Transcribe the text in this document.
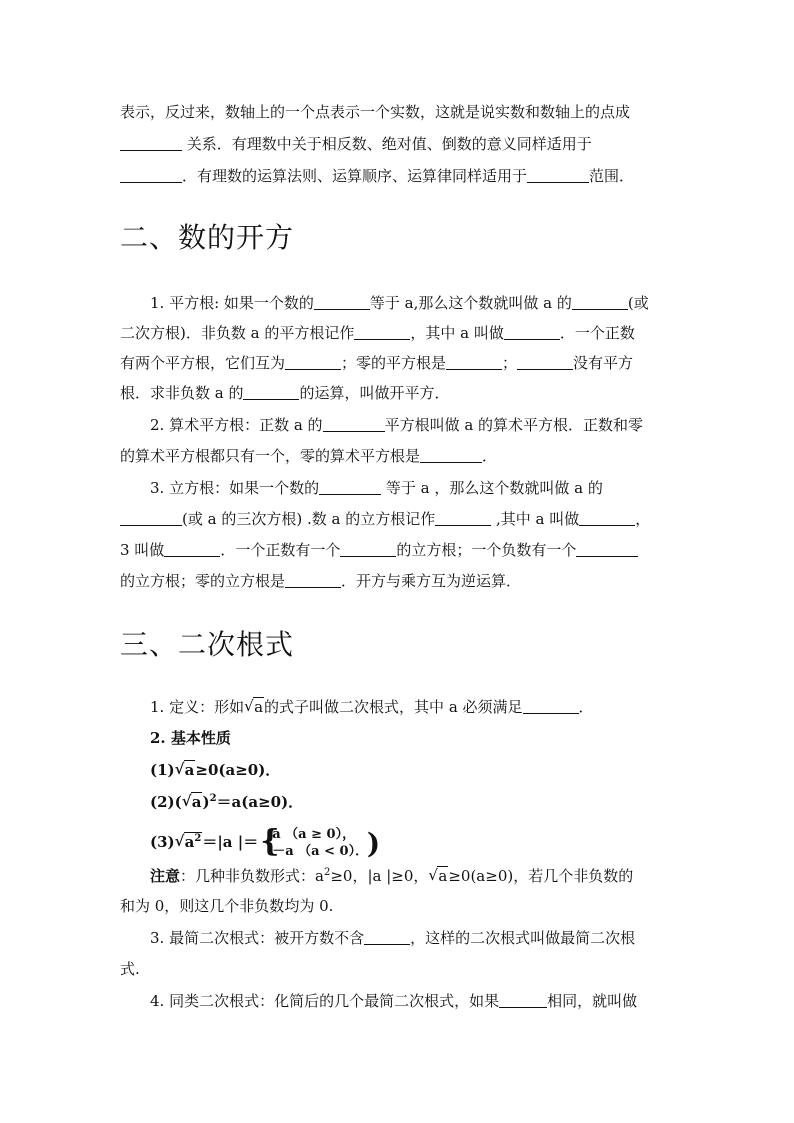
表示，反过来，数轴上的一个点表示一个实数，这就是说实数和数轴上的点成
关系．有理数中关于相反数、绝对值、倒数的意义同样适用于
．有理数的运算法则、运算顺序、运算律同样适用于	范围．
二、数的开方
1. 平方根: 如果一个数的	等于 a,那么这个数就叫做 a 的	(或
二次方根)．非负数 a 的平方根记作	，其中 a 叫做	．一个正数
有两个平方根，它们互为	；零的平方根是	；	没有平方
根．求非负数 a 的	的运算，叫做开平方．
2. 算术平方根：正数 a 的	平方根叫做 a 的算术平方根．正数和零
的算术平方根都只有一个，零的算术平方根是	．
3. 立方根：如果一个数的	等于 a ，那么这个数就叫做 a 的
(或 a 的三次方根) .数 a 的立方根记作	,其中 a 叫做	，
3 叫做	．一个正数有一个	的立方根；一个负数有一个
的立方根；零的立方根是	．开方与乘方互为逆运算．
三、二次根式
1. 定义：形如 √ a的式子叫做二次根式，其中 a 必须满足	．
2. 基本性质
(1) √ a≥0(a≥0)．
(2)( √ a)$^2$＝a(a≥0)．
(3) √ $a^2=|a$ |＝ {
a （a ≥ 0），
－a （a < 0）．
)
注意：几种非负数形式：$a^2\ge 0$，|a |≥0， √ a≥0(a≥0)，若几个非负数的
和为 0，则这几个非负数均为 0.
3. 最简二次根式：被开方数不含	，这样的二次根式叫做最简二次根
式.
4. 同类二次根式：化简后的几个最简二次根式，如果	相同，就叫做
